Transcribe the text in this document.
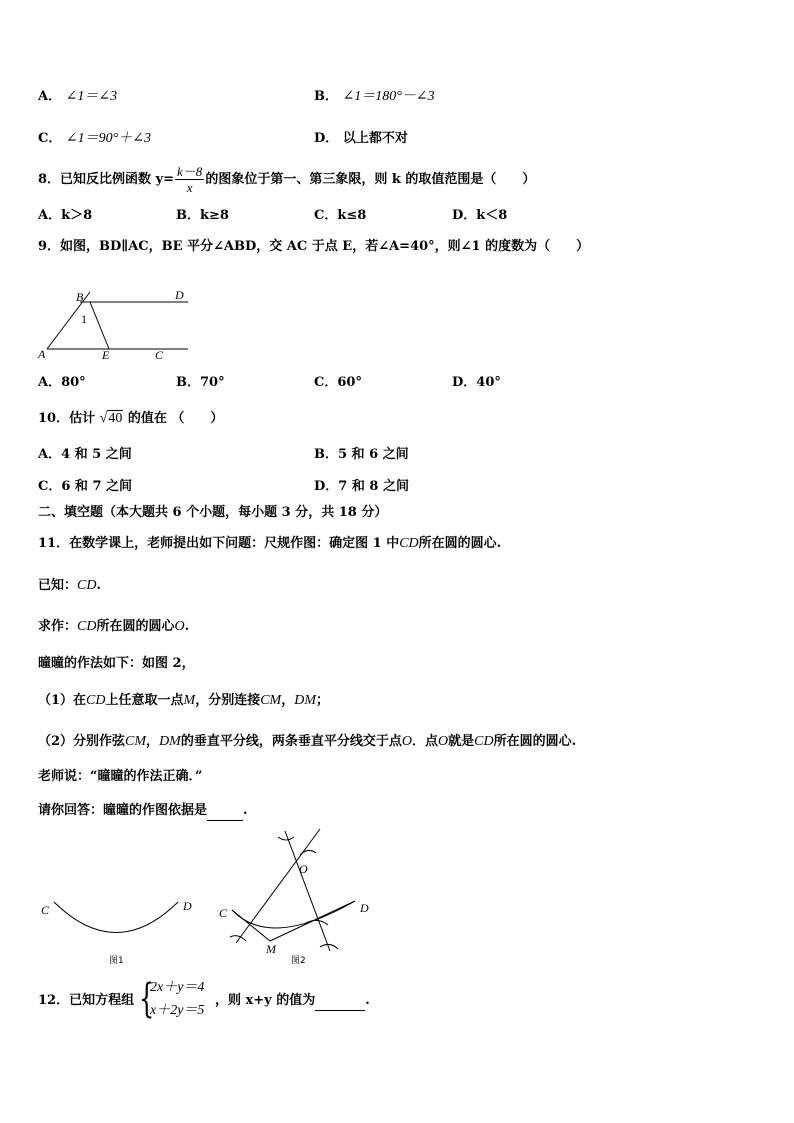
A． ∠1＝∠3	B． ∠1＝180°－∠3
C． ∠1＝90°＋∠3	D． 以上都不对
8．已知反比例函数 $y= \frac{k-8}{x}$ 的图象位于第一、第三象限，则 k 的取值范围是（　　）
A．k＞8	B．k≥8	C．k≤8	D．k＜8
9．如图，BD∥AC，BE 平分∠ABD，交 AC 于点 E，若∠A=40°，则∠1 的度数为（　　）
B	D
1
A	E	C
A．80°	B．70°	C．60°	D．40°
10．估计 √40 的值在 （　　）
A．4 和 5 之间	B．5 和 6 之间
C．6 和 7 之间	D．7 和 8 之间
二、填空题（本大题共 6 个小题，每小题 3 分，共 18 分）
11．在数学课上，老师提出如下问题：尺规作图：确定图 1 中CD所在圆的圆心.
已知：CD.
求作：CD所在圆的圆心O.
曈曈的作法如下：如图 2，
（1）在CD上任意取一点M，分别连接CM，DM；
（2）分别作弦CM，DM的垂直平分线，两条垂直平分线交于点O．点O就是CD所在圆的圆心.
老师说：“曈曈的作法正确．”
请你回答：曈曈的作图依据是	.
C	D
图1
C	D
M
O
图2
12．已知方程组 {
2x＋y＝4
x＋2y＝5
，则 x+y 的值为	.
